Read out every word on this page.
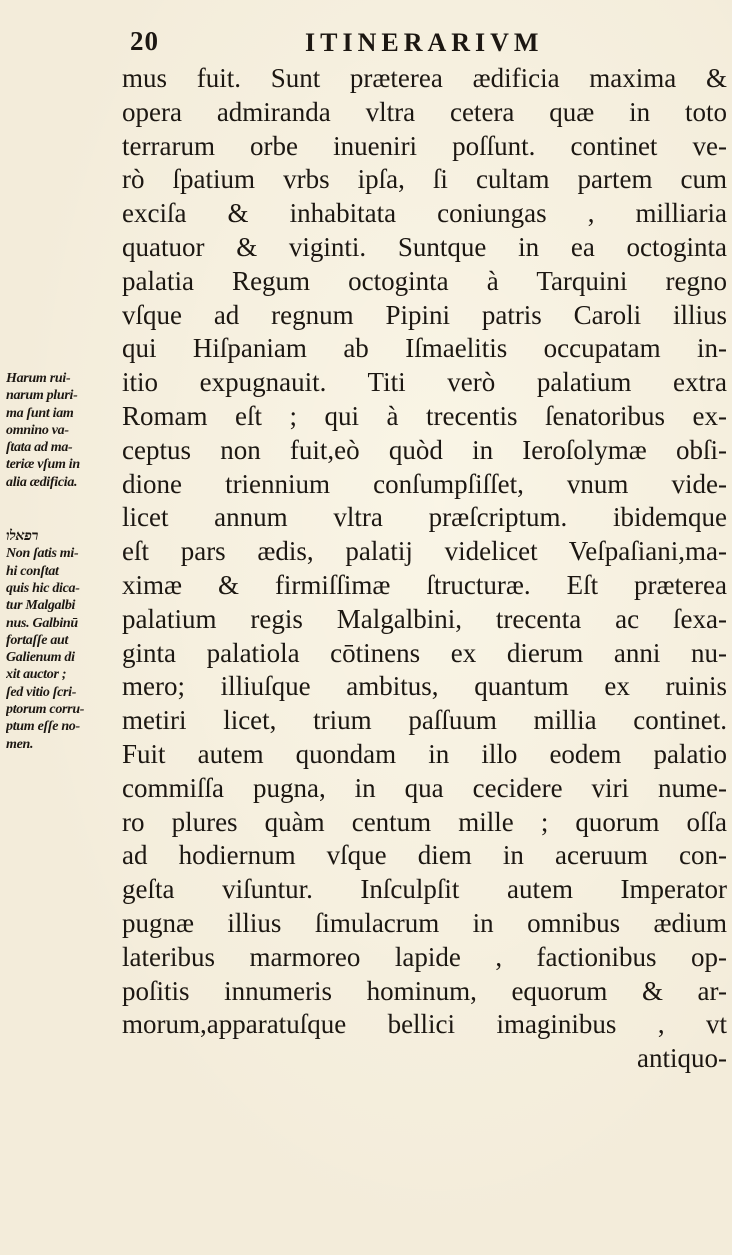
20	ITINERARIVM
mus fuit. Sunt prӕterea ӕdificia maxima &
opera admiranda vltra cetera quӕ in toto
terrarum orbe inueniri poſſunt. continet ve-
rò ſpatium vrbs ipſa, ſi cultam partem cum
exciſa & inhabitata coniungas , milliaria
quatuor & viginti. Suntque in ea octoginta
palatia Regum octoginta à Tarquini regno
vſque ad regnum Pipini patris Caroli illius
qui Hiſpaniam ab Iſmaelitis occupatam in-
itio expugnauit. Titi verò palatium extra
Romam eſt ; qui à trecentis ſenatoribus ex-
ceptus non fuit,eò quòd in Ieroſolymӕ obſi-
dione triennium conſumpſiſſet, vnum vide-
licet annum vltra prӕſcriptum. ibidemque
eſt pars ӕdis, palatij videlicet Veſpaſiani,ma-
ximӕ & firmiſſimӕ ſtructurӕ. Eſt prӕterea
palatium regis Malgalbini, trecenta ac ſexa-
ginta palatiola cōtinens ex dierum anni nu-
mero; illiuſque ambitus, quantum ex ruinis
metiri licet, trium paſſuum millia continet.
Fuit autem quondam in illo eodem palatio
commiſſa pugna, in qua cecidere viri nume-
ro plures quàm centum mille ; quorum oſſa
ad hodiernum vſque diem in aceruum con-
geſta viſuntur. Inſculpſit autem Imperator
pugnӕ illius ſimulacrum in omnibus ӕdium
lateribus marmoreo lapide , factionibus op-
poſitis innumeris hominum, equorum & ar-
morum,apparatuſque bellici imaginibus , vt
antiquo-
Harum rui-
narum pluri-
ma ſunt iam
omnino va-
ſtata ad ma-
teriӕ vſum in
alia ӕdificia.
רפאלו
Non ſatis mi-
hi conſtat
quis hic dica-
tur Malgalbi
nus. Galbinū
fortaſſe aut
Galienum di
xit auctor ;
ſed vitio ſcri-
ptorum corru-
ptum eſſe no-
men.
